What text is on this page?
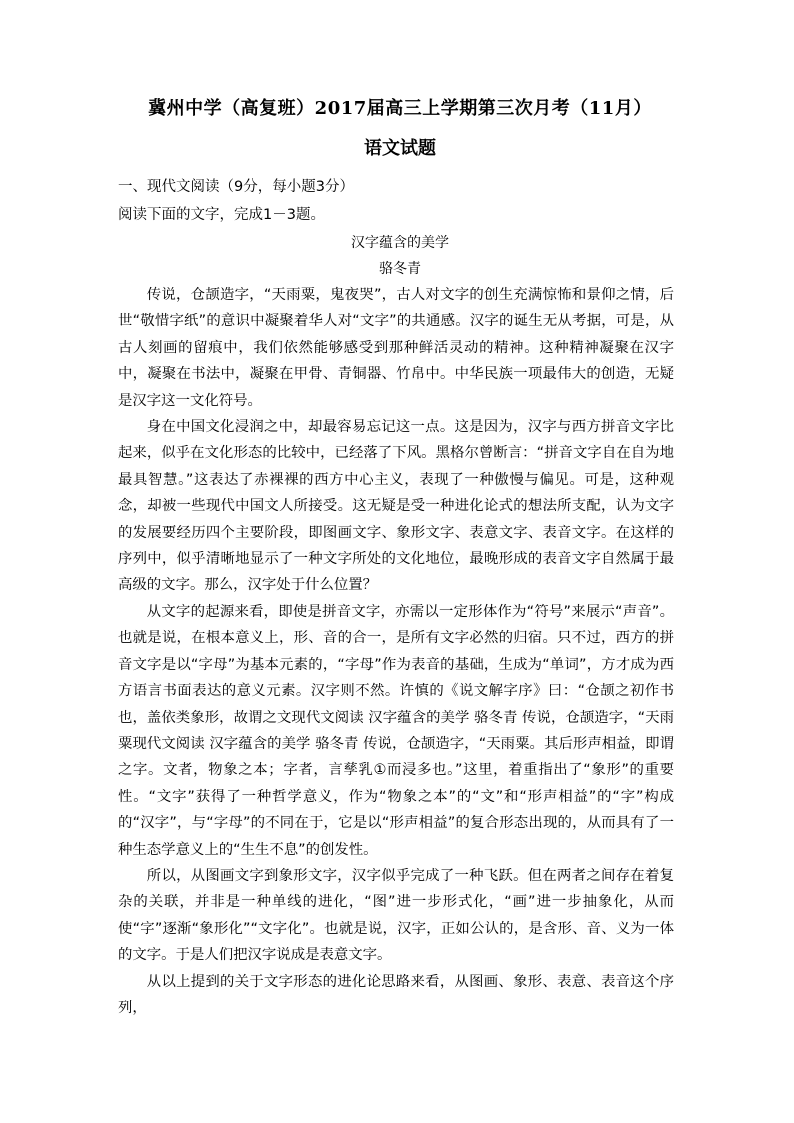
冀州中学（高复班）2017届高三上学期第三次月考（11月）
语文试题
一、现代文阅读（9分，每小题3分）
阅读下面的文字，完成1－3题。
汉字蕴含的美学
骆冬青

传说，仓颉造字，“天雨粟，鬼夜哭”，古人对文字的创生充满惊怖和景仰之情，后世“敬惜字纸”的意识中凝聚着华人对“文字”的共通感。汉字的诞生无从考据，可是，从古人刻画的留痕中，我们依然能够感受到那种鲜活灵动的精神。这种精神凝聚在汉字中，凝聚在书法中，凝聚在甲骨、青铜器、竹帛中。中华民族一项最伟大的创造，无疑是汉字这一文化符号。

身在中国文化浸润之中，却最容易忘记这一点。这是因为，汉字与西方拼音文字比起来，似乎在文化形态的比较中，已经落了下风。黑格尔曾断言：“拼音文字自在自为地最具智慧。”这表达了赤裸裸的西方中心主义，表现了一种傲慢与偏见。可是，这种观念，却被一些现代中国文人所接受。这无疑是受一种进化论式的想法所支配，认为文字的发展要经历四个主要阶段，即图画文字、象形文字、表意文字、表音文字。在这样的序列中，似乎清晰地显示了一种文字所处的文化地位，最晚形成的表音文字自然属于最高级的文字。那么，汉字处于什么位置？

从文字的起源来看，即使是拼音文字，亦需以一定形体作为“符号”来展示“声音”。也就是说，在根本意义上，形、音的合一，是所有文字必然的归宿。只不过，西方的拼音文字是以“字母”为基本元素的，“字母”作为表音的基础，生成为“单词”，方才成为西方语言书面表达的意义元素。汉字则不然。许慎的《说文解字序》曰：“仓颉之初作书也，盖依类象形，故谓之文现代文阅读 汉字蕴含的美学 骆冬青 传说，仓颉造字，“天雨粟现代文阅读 汉字蕴含的美学 骆冬青 传说，仓颉造字，“天雨粟。其后形声相益，即谓之字。文者，物象之本；字者，言孳乳①而浸多也。”这里，着重指出了“象形”的重要性。“文字”获得了一种哲学意义，作为“物象之本”的“文”和“形声相益”的“字”构成的“汉字”，与“字母”的不同在于，它是以“形声相益”的复合形态出现的，从而具有了一种生态学意义上的“生生不息”的创发性。

所以，从图画文字到象形文字，汉字似乎完成了一种飞跃。但在两者之间存在着复杂的关联，并非是一种单线的进化，“图”进一步形式化，“画”进一步抽象化，从而使“字”逐渐“象形化”“文字化”。也就是说，汉字，正如公认的，是含形、音、义为一体的文字。于是人们把汉字说成是表意文字。

从以上提到的关于文字形态的进化论思路来看，从图画、象形、表意、表音这个序列，
